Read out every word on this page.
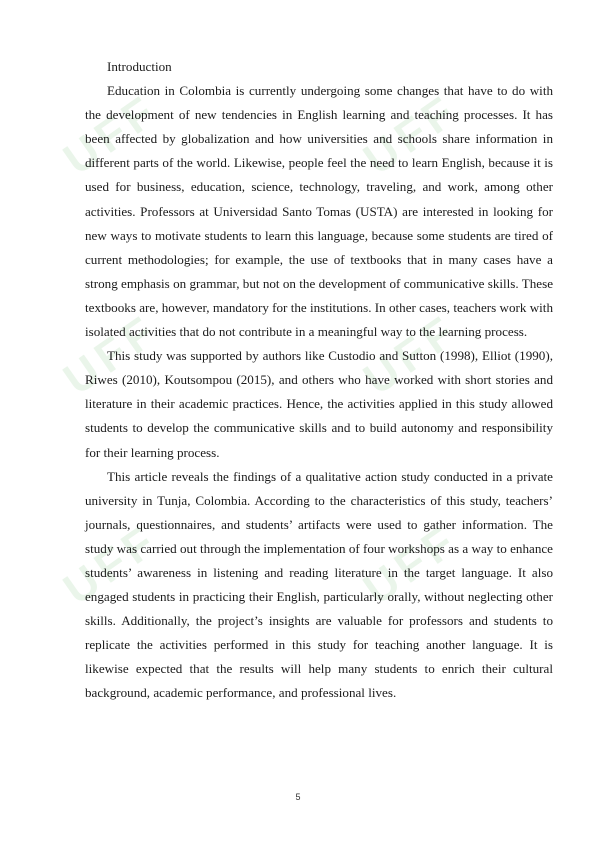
UFF	UFF
UFF	UFF
UFF	UFF

Introduction

Education in Colombia is currently undergoing some changes that have to do with the development of new tendencies in English learning and teaching processes. It has been affected by globalization and how universities and schools share information in different parts of the world. Likewise, people feel the need to learn English, because it is used for business, education, science, technology, traveling, and work, among other activities. Professors at Universidad Santo Tomas (USTA) are interested in looking for new ways to motivate students to learn this language, because some students are tired of current methodologies; for example, the use of textbooks that in many cases have a strong emphasis on grammar, but not on the development of communicative skills. These textbooks are, however, mandatory for the institutions. In other cases, teachers work with isolated activities that do not contribute in a meaningful way to the learning process.

This study was supported by authors like Custodio and Sutton (1998), Elliot (1990), Riwes (2010), Koutsompou (2015), and others who have worked with short stories and literature in their academic practices. Hence, the activities applied in this study allowed students to develop the communicative skills and to build autonomy and responsibility for their learning process.

This article reveals the findings of a qualitative action study conducted in a private university in Tunja, Colombia. According to the characteristics of this study, teachers’ journals, questionnaires, and students’ artifacts were used to gather information. The study was carried out through the implementation of four workshops as a way to enhance students’ awareness in listening and reading literature in the target language. It also engaged students in practicing their English, particularly orally, without neglecting other skills. Additionally, the project’s insights are valuable for professors and students to replicate the activities performed in this study for teaching another language. It is likewise expected that the results will help many students to enrich their cultural background, academic performance, and professional lives.

5
